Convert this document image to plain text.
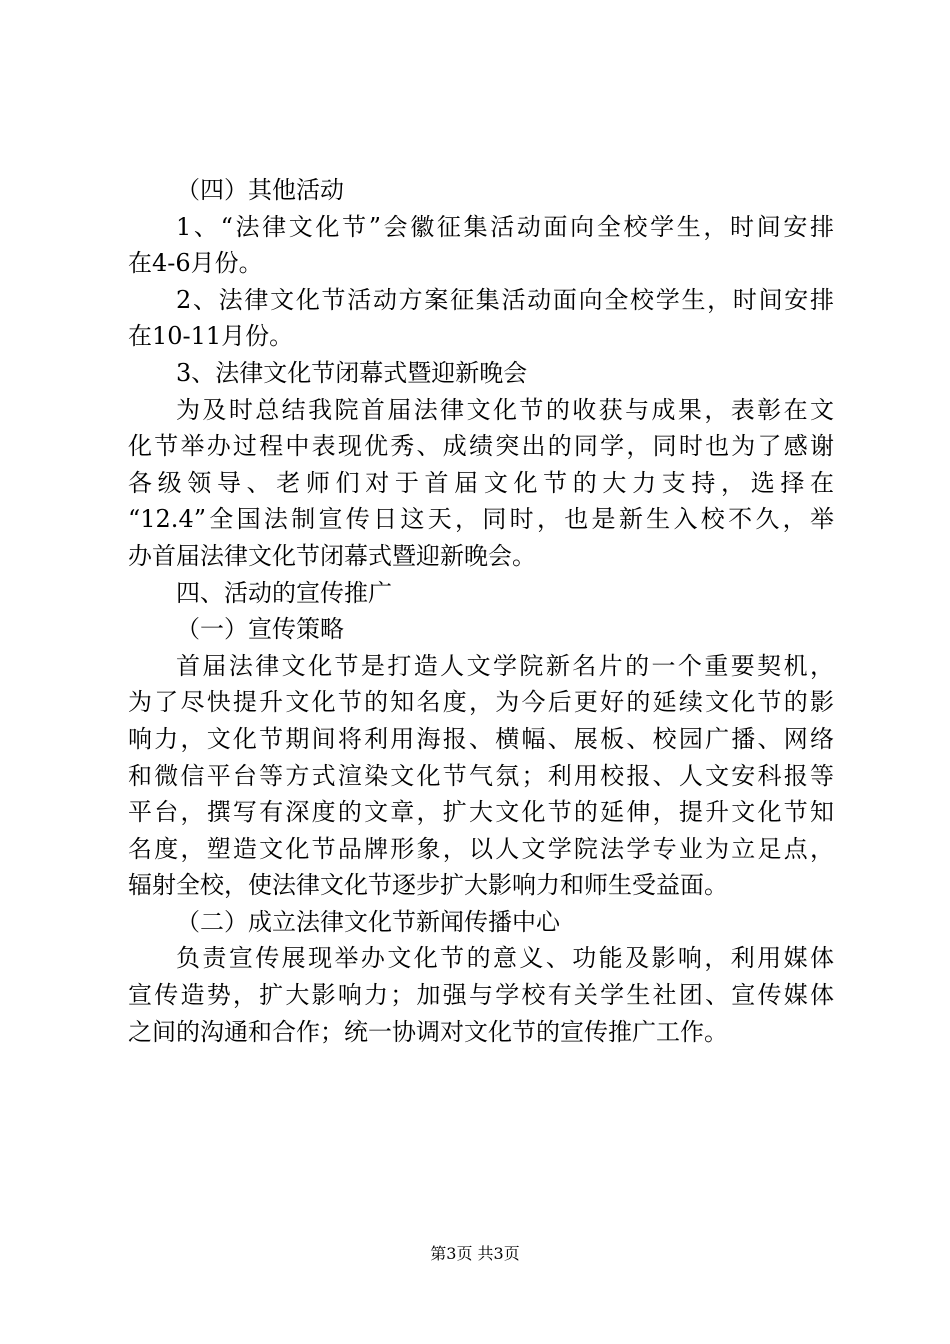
（四）其他活动
1、“法律文化节”会徽征集活动面向全校学生，时间安排
在4-6月份。
2、法律文化节活动方案征集活动面向全校学生，时间安排
在10-11月份。
3、法律文化节闭幕式暨迎新晚会
为及时总结我院首届法律文化节的收获与成果，表彰在文
化节举办过程中表现优秀、成绩突出的同学，同时也为了感谢
各级领导、老师们对于首届文化节的大力支持，选择在
“12.4”全国法制宣传日这天，同时，也是新生入校不久，举
办首届法律文化节闭幕式暨迎新晚会。
四、活动的宣传推广
（一）宣传策略
首届法律文化节是打造人文学院新名片的一个重要契机，
为了尽快提升文化节的知名度，为今后更好的延续文化节的影
响力，文化节期间将利用海报、横幅、展板、校园广播、网络
和微信平台等方式渲染文化节气氛；利用校报、人文安科报等
平台，撰写有深度的文章，扩大文化节的延伸，提升文化节知
名度，塑造文化节品牌形象，以人文学院法学专业为立足点，
辐射全校，使法律文化节逐步扩大影响力和师生受益面。
（二）成立法律文化节新闻传播中心
负责宣传展现举办文化节的意义、功能及影响，利用媒体
宣传造势，扩大影响力；加强与学校有关学生社团、宣传媒体
之间的沟通和合作；统一协调对文化节的宣传推广工作。
第3页 共3页
